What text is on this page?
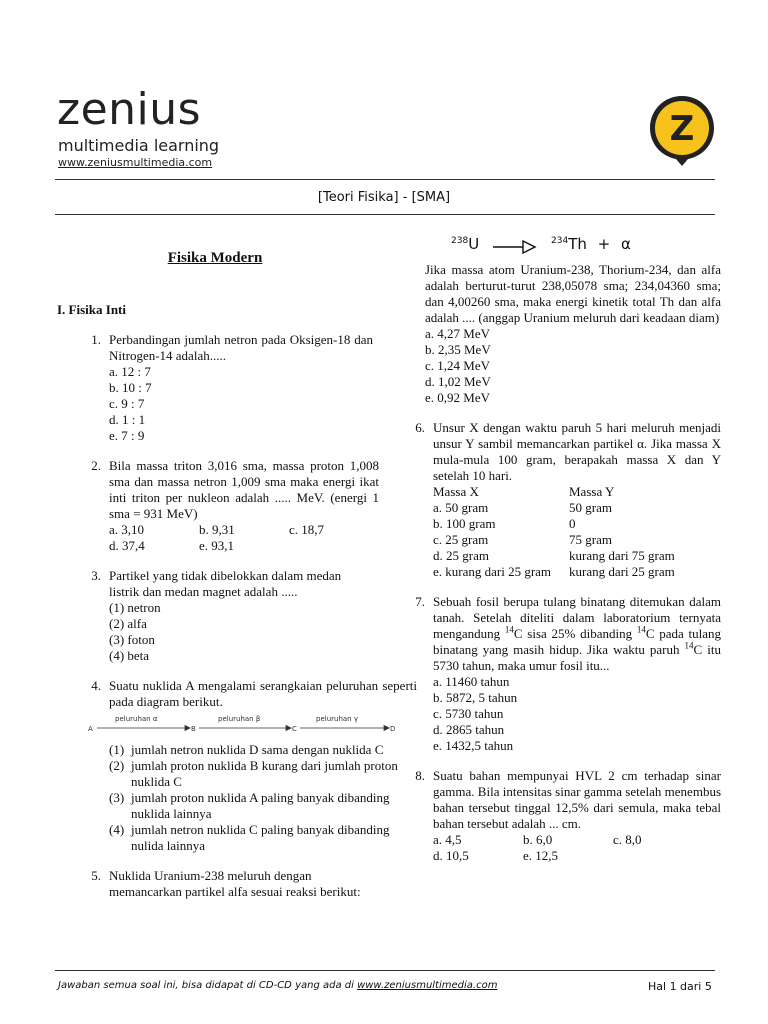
zenius
multimedia learning
www.zeniusmultimedia.com
Z
[Teori Fisika] - [SMA]
Fisika Modern
I. Fisika Inti
1. Perbandingan jumlah netron pada Oksigen-18 dan Nitrogen-14 adalah.....
a. 12 : 7
b. 10 : 7
c. 9 : 7
d. 1 : 1
e. 7 : 9
2. Bila massa triton 3,016 sma, massa proton 1,008 sma dan massa netron 1,009 sma maka energi ikat inti triton per nukleon adalah ..... MeV. (energi 1 sma = 931 MeV)
a. 3,10	b. 9,31	c. 18,7
d. 37,4	e. 93,1
3. Partikel yang tidak dibelokkan dalam medan listrik dan medan magnet adalah .....
(1) netron
(2) alfa
(3) foton
(4) beta
4. Suatu nuklida A mengalami serangkaian peluruhan seperti pada diagram berikut.
A	B	C	D
peluruhan α	peluruhan β	peluruhan γ
(1) jumlah netron nuklida D sama dengan nuklida C
(2) jumlah proton nuklida B kurang dari jumlah proton nuklida C
(3) jumlah proton nuklida A paling banyak dibanding nuklida lainnya
(4) jumlah netron nuklida C paling banyak dibanding nulida lainnya
5. Nuklida Uranium-238 meluruh dengan memancarkan partikel alfa sesuai reaksi berikut:
$^{238}$U → $^{234}$Th + α
Jika massa atom Uranium-238, Thorium-234, dan alfa adalah berturut-turut 238,05078 sma; 234,04360 sma; dan 4,00260 sma, maka energi kinetik total Th dan alfa adalah .... (anggap Uranium meluruh dari keadaan diam)
a. 4,27 MeV
b. 2,35 MeV
c. 1,24 MeV
d. 1,02 MeV
e. 0,92 MeV
6. Unsur X dengan waktu paruh 5 hari meluruh menjadi unsur Y sambil memancarkan partikel α. Jika massa X mula-mula 100 gram, berapakah massa X dan Y setelah 10 hari.
Massa X	Massa Y
a. 50 gram	50 gram
b. 100 gram	0
c. 25 gram	75 gram
d. 25 gram	kurang dari 75 gram
e. kurang dari 25 gram	kurang dari 25 gram
7. Sebuah fosil berupa tulang binatang ditemukan dalam tanah. Setelah diteliti dalam laboratorium ternyata mengandung $^{14}$C sisa 25% dibanding $^{14}$C pada tulang binatang yang masih hidup. Jika waktu paruh $^{14}$C itu 5730 tahun, maka umur fosil itu...
a. 11460 tahun
b. 5872, 5 tahun
c. 5730 tahun
d. 2865 tahun
e. 1432,5 tahun
8. Suatu bahan mempunyai HVL 2 cm terhadap sinar gamma. Bila intensitas sinar gamma setelah menembus bahan tersebut tinggal 12,5% dari semula, maka tebal bahan tersebut adalah ... cm.
a. 4,5	b. 6,0	c. 8,0
d. 10,5	e. 12,5
Jawaban semua soal ini, bisa didapat di CD-CD yang ada di www.zeniusmultimedia.com	Hal 1 dari 5
